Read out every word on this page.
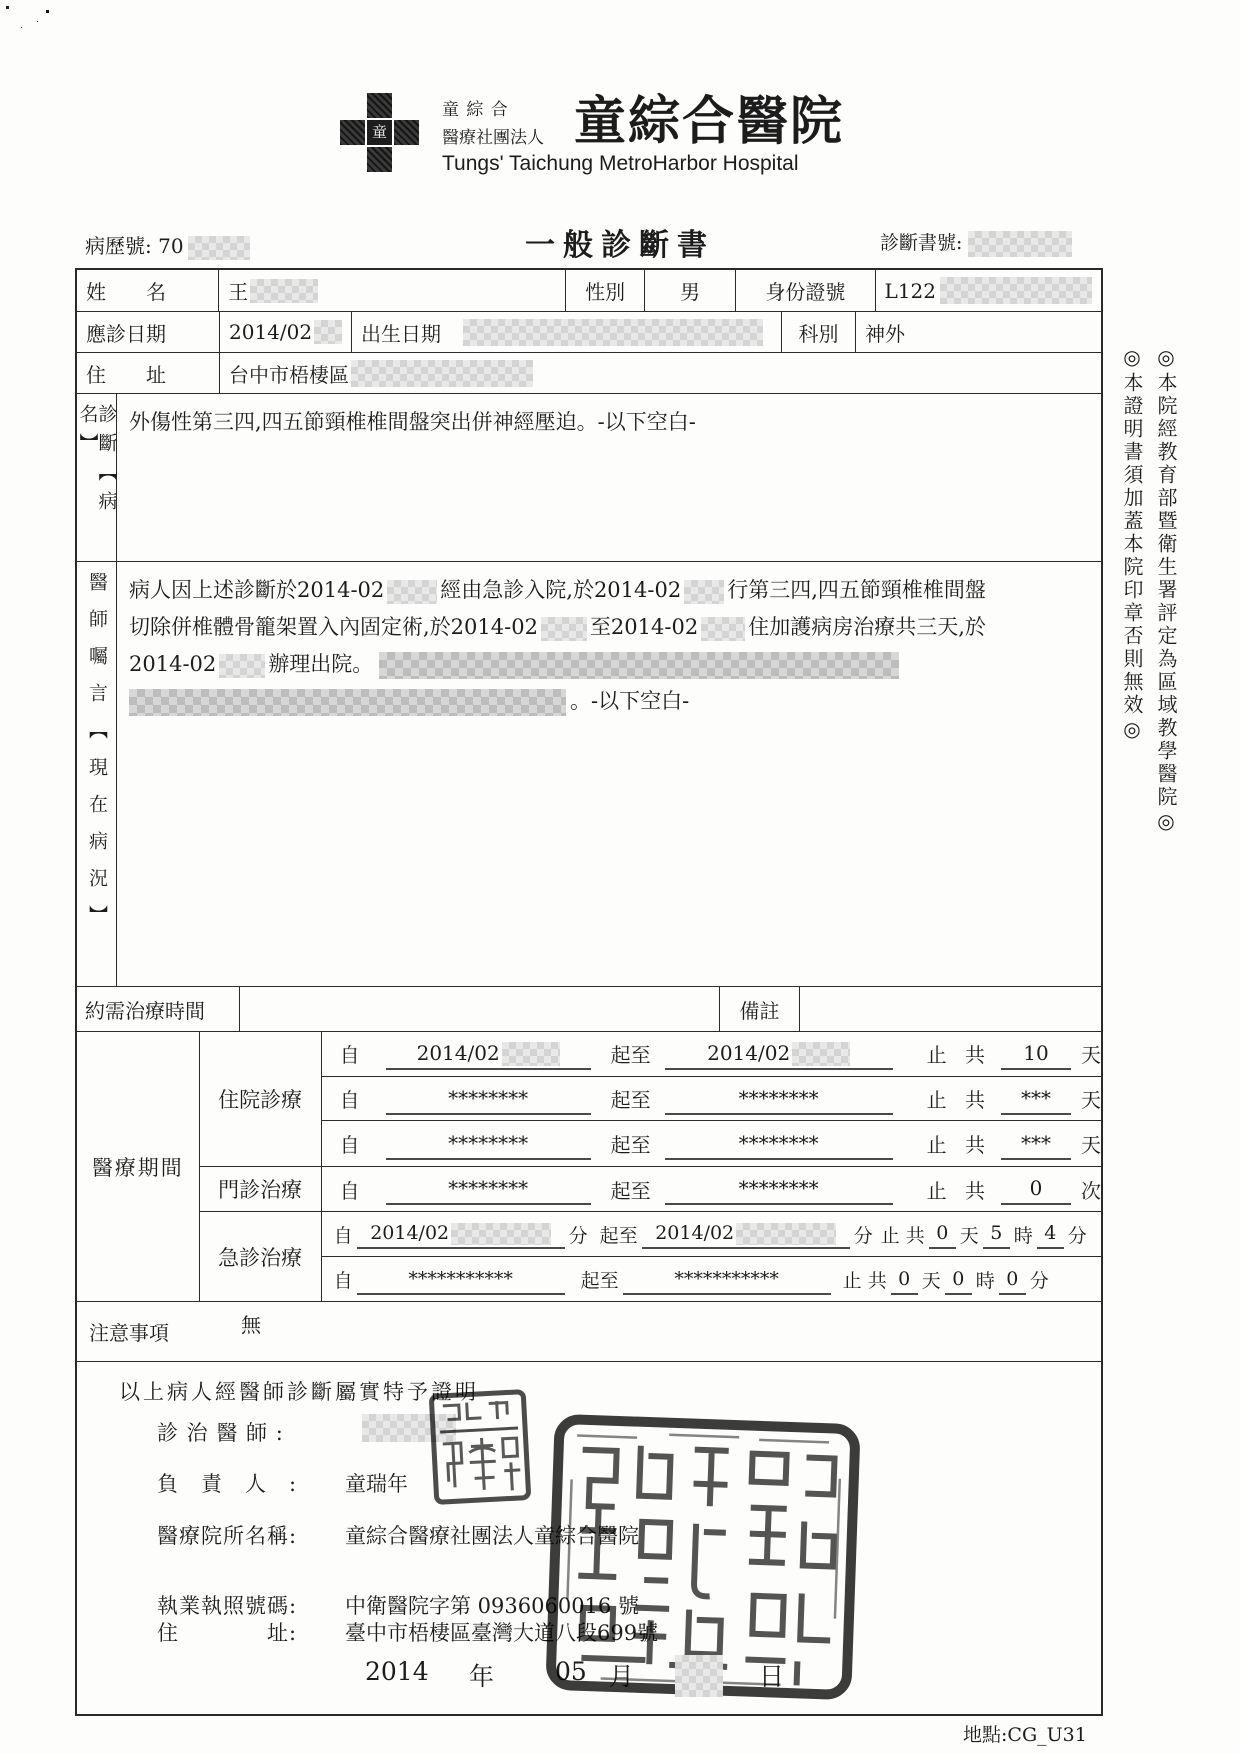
童
童 綜 合
醫療社團法人 童綜合醫院
Tungs' Taichung MetroHarbor Hospital
病歷號: 70	一般診斷書	診斷書號:
姓　　名	王	性別	男	身份證號	L122
應診日期	2014/02 出生日期	科別	神外
住　　址	台中市梧棲區
診斷【病名】	外傷性第三四,四五節頸椎椎間盤突出併神經壓迫。-以下空白-
醫師囑言【現在病況】 病人因上述診斷於2014-02	經由急診入院,於2014-02 行第三四,四五節頸椎椎間盤
切除併椎體骨籠架置入內固定術,於2014-02 至2014-02 住加護病房治療共三天,於
2014-02 辦理出院。
。-以下空白-
約需治療時間	備註
醫療期間
住院診療
自	2014/02	起至	2014/02	止 共	10	天
自	********	起至	********	止 共	***	天
自	********	起至	********	止 共	***	天
門診治療	自	********	起至	********	止 共	0	次
急診治療
自 2014/02	分 起至 2014/02	分 止 共 0 天 5 時 4 分
自	***********	起至	***********	止 共 0 天 0 時 0 分
注意事項	無
以上病人經醫師診斷屬實特予證明
診 治 醫 師 :
負　責　人　: 童瑞年
醫療院所名稱: 童綜合醫療社團法人童綜合醫院
執業執照號碼: 中衛醫院字第 0936060016 號
住　　　　址: 臺中市梧棲區臺灣大道八段699號
2014 年 05 月	日
◎本證明書須加蓋本院印章否則無效◎ ◎本院經教育部暨衛生署評定為區域教學醫院◎
地點:CG_U31
